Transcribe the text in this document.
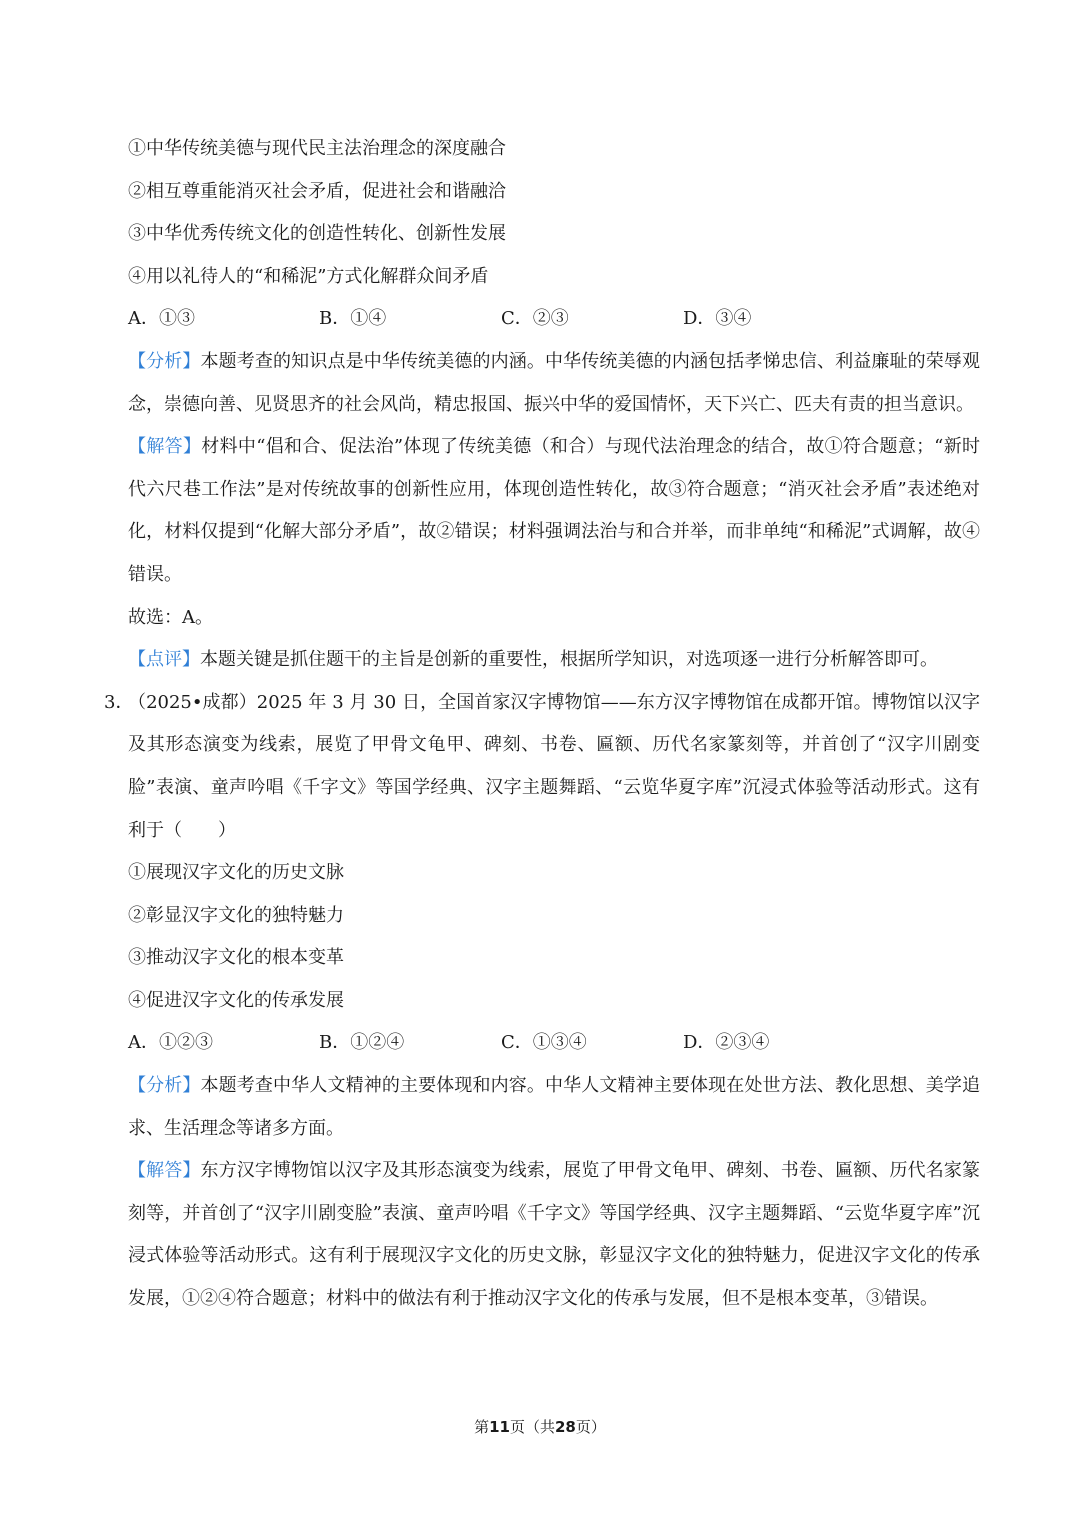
①中华传统美德与现代民主法治理念的深度融合
②相互尊重能消灭社会矛盾，促进社会和谐融洽
③中华优秀传统文化的创造性转化、创新性发展
④用以礼待人的“和稀泥”方式化解群众间矛盾
A．①③	B．①④	C．②③	D．③④
【分析】本题考查的知识点是中华传统美德的内涵。中华传统美德的内涵包括孝悌忠信、利益廉耻的荣辱观念，崇德向善、见贤思齐的社会风尚，精忠报国、振兴中华的爱国情怀，天下兴亡、匹夫有责的担当意识。
【解答】材料中“倡和合、促法治”体现了传统美德（和合）与现代法治理念的结合，故①符合题意；“新时代六尺巷工作法”是对传统故事的创新性应用，体现创造性转化，故③符合题意；“消灭社会矛盾”表述绝对化，材料仅提到“化解大部分矛盾”，故②错误；材料强调法治与和合并举，而非单纯“和稀泥”式调解，故④错误。
故选：A。
【点评】本题关键是抓住题干的主旨是创新的重要性，根据所学知识，对选项逐一进行分析解答即可。
3．
（2025•成都）2025 年 3 月 30 日，全国首家汉字博物馆——东方汉字博物馆在成都开馆。博物馆以汉字及其形态演变为线索，展览了甲骨文龟甲、碑刻、书卷、匾额、历代名家篆刻等，并首创了“汉字川剧变脸”表演、童声吟唱《千字文》等国学经典、汉字主题舞蹈、“云览华夏字库”沉浸式体验等活动形式。这有利于（　　）
①展现汉字文化的历史文脉
②彰显汉字文化的独特魅力
③推动汉字文化的根本变革
④促进汉字文化的传承发展
A．①②③	B．①②④	C．①③④	D．②③④
【分析】本题考查中华人文精神的主要体现和内容。中华人文精神主要体现在处世方法、教化思想、美学追求、生活理念等诸多方面。
【解答】东方汉字博物馆以汉字及其形态演变为线索，展览了甲骨文龟甲、碑刻、书卷、匾额、历代名家篆刻等，并首创了“汉字川剧变脸”表演、童声吟唱《千字文》等国学经典、汉字主题舞蹈、“云览华夏字库”沉浸式体验等活动形式。这有利于展现汉字文化的历史文脉，彰显汉字文化的独特魅力，促进汉字文化的传承发展，①②④符合题意；材料中的做法有利于推动汉字文化的传承与发展，但不是根本变革，③错误。
第11页（共28页）
